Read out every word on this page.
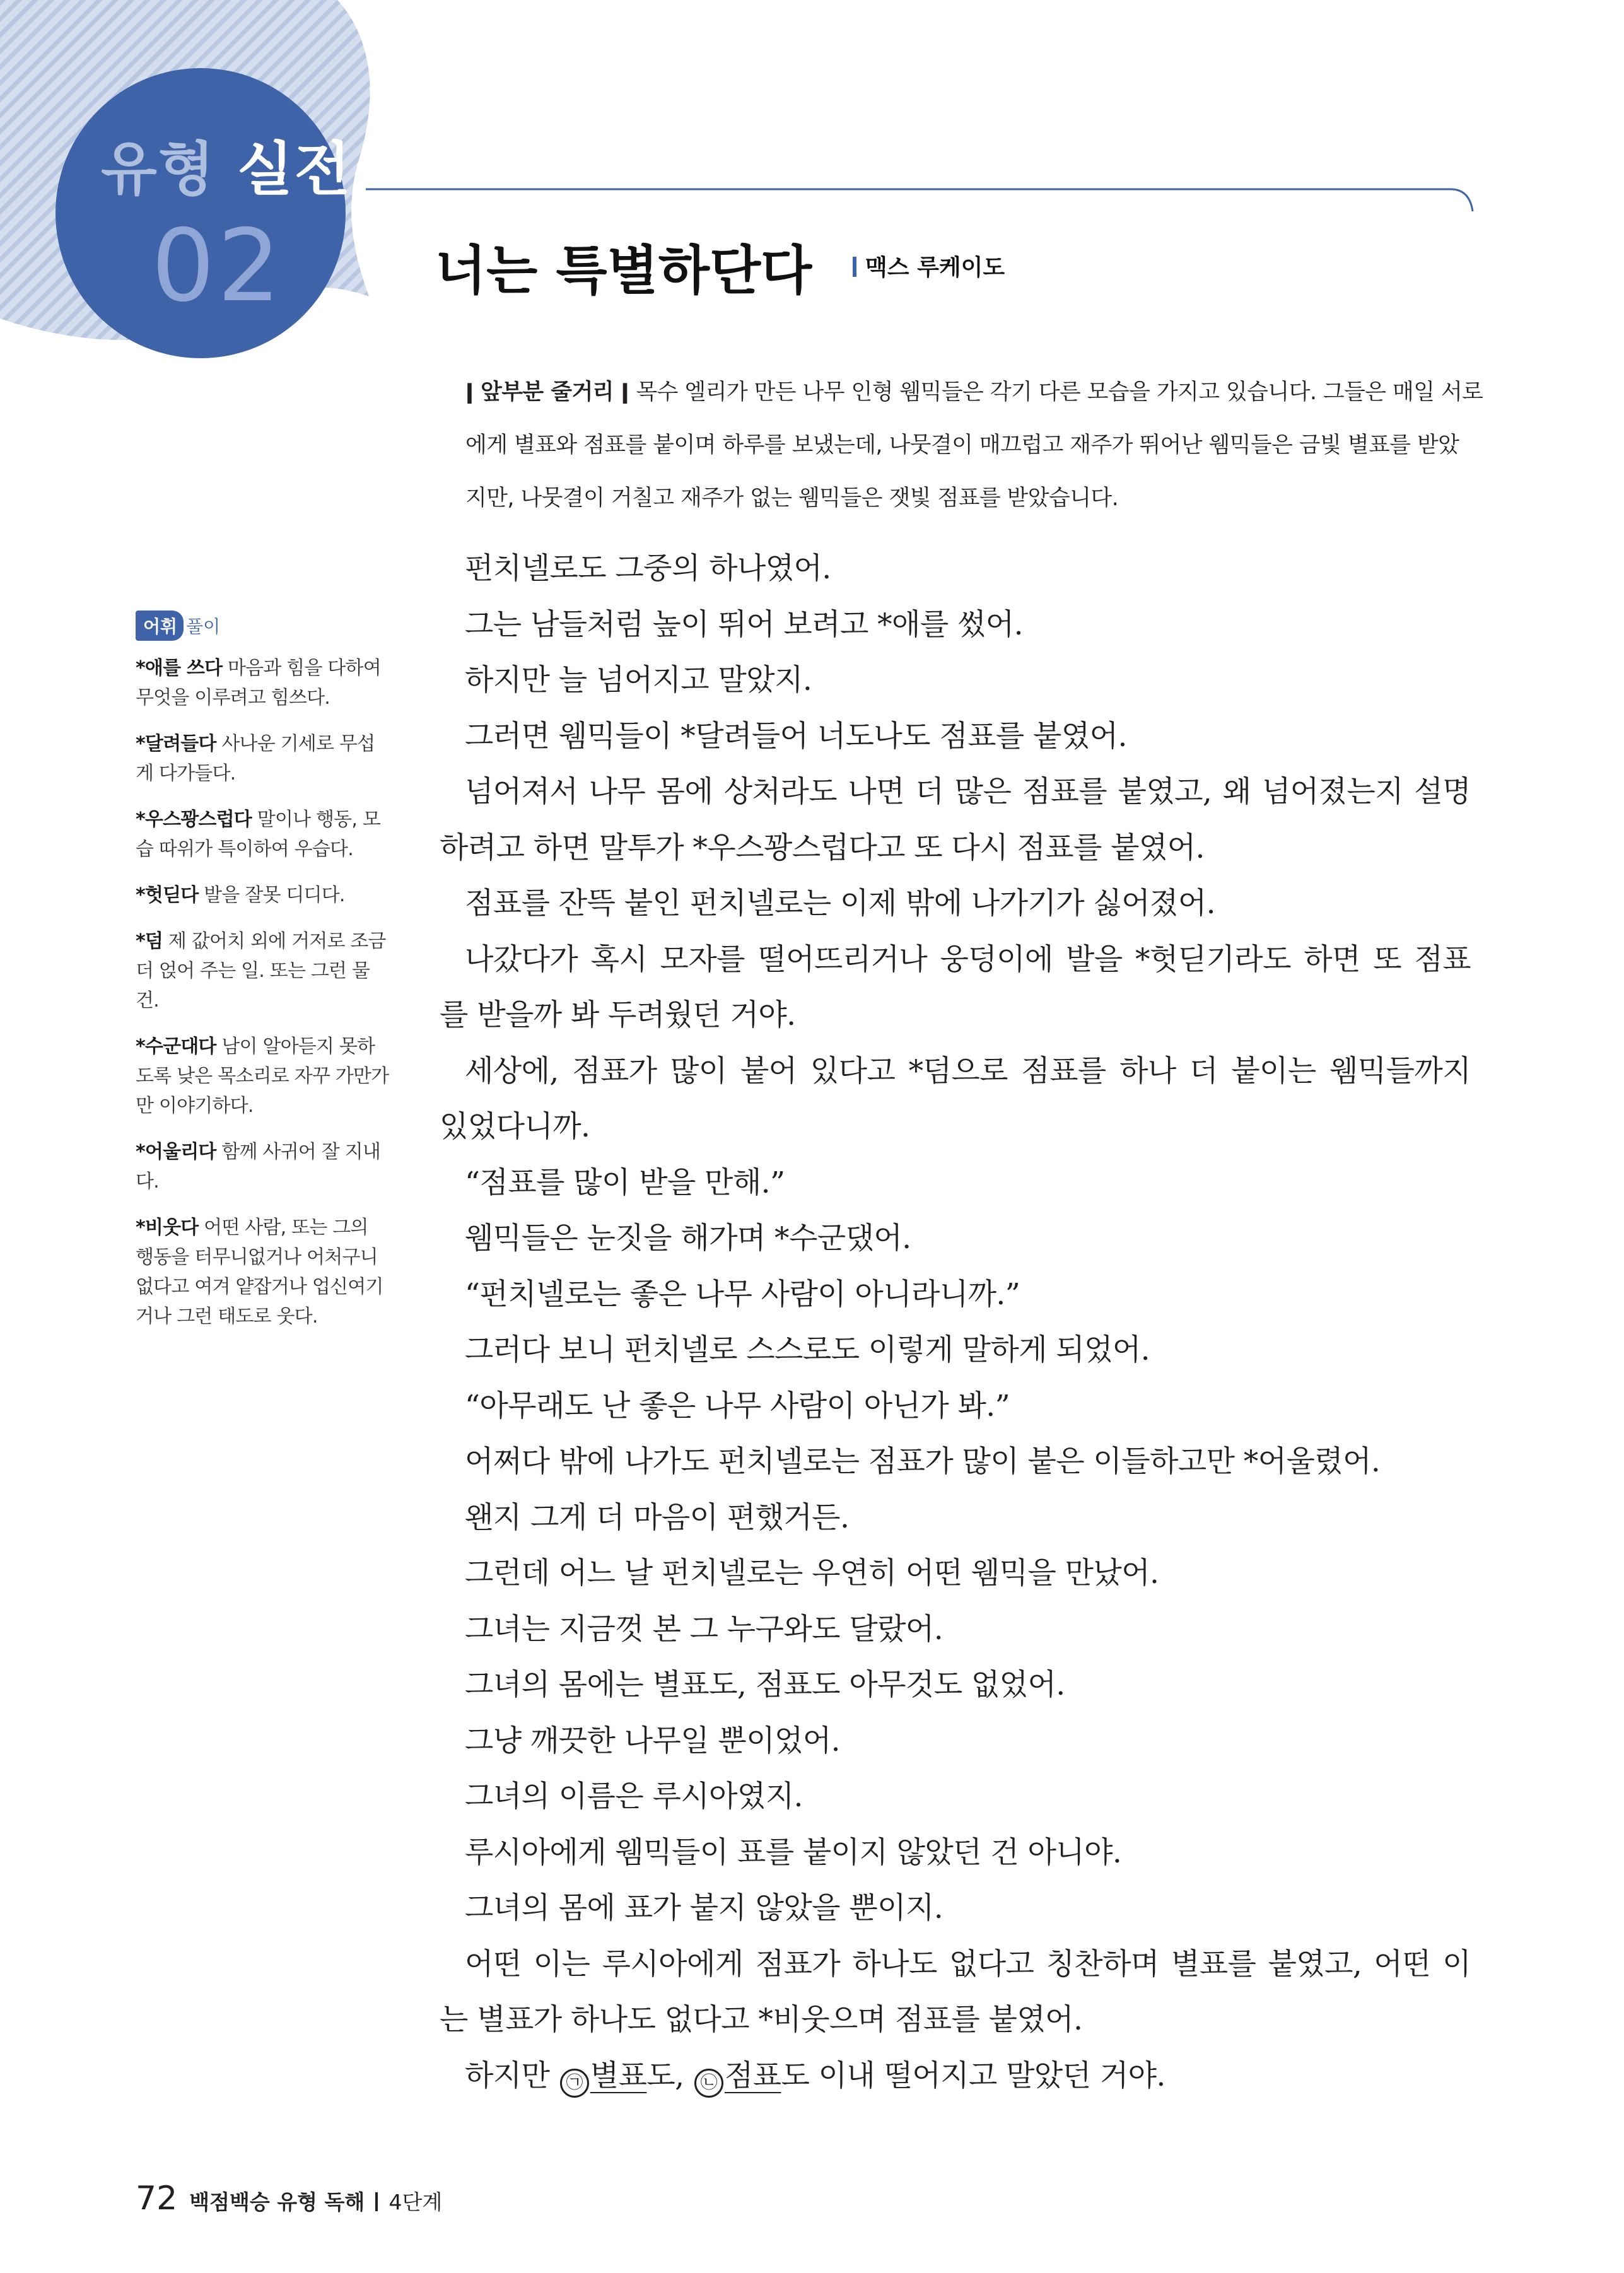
유형 실전
02	너는 특별하단다	맥스 루케이도
ǀ 앞부분 줄거리 ǀ 목수 엘리가 만든 나무 인형 웸믹들은 각기 다른 모습을 가지고 있습니다. 그들은 매일 서로
에게 별표와 점표를 붙이며 하루를 보냈는데, 나뭇결이 매끄럽고 재주가 뛰어난 웸믹들은 금빛 별표를 받았
지만, 나뭇결이 거칠고 재주가 없는 웸믹들은 잿빛 점표를 받았습니다.
어휘 풀이
*애를 쓰다 마음과 힘을 다하여 무엇을 이루려고 힘쓰다.
*달려들다 사나운 기세로 무섭게 다가들다.
*우스꽝스럽다 말이나 행동, 모습 따위가 특이하여 우습다.
*헛딛다 발을 잘못 디디다.
*덤 제 값어치 외에 거저로 조금 더 얹어 주는 일. 또는 그런 물건.
*수군대다 남이 알아듣지 못하도록 낮은 목소리로 자꾸 가만가만 이야기하다.
*어울리다 함께 사귀어 잘 지내다.
*비웃다 어떤 사람, 또는 그의 행동을 터무니없거나 어처구니없다고 여겨 얕잡거나 업신여기거나 그런 태도로 웃다.
펀치넬로도 그중의 하나였어.
그는 남들처럼 높이 뛰어 보려고 *애를 썼어.
하지만 늘 넘어지고 말았지.
그러면 웸믹들이 *달려들어 너도나도 점표를 붙였어.
넘어져서 나무 몸에 상처라도 나면 더 많은 점표를 붙였고, 왜 넘어졌는지 설명
하려고 하면 말투가 *우스꽝스럽다고 또 다시 점표를 붙였어.
점표를 잔뜩 붙인 펀치넬로는 이제 밖에 나가기가 싫어졌어.
나갔다가 혹시 모자를 떨어뜨리거나 웅덩이에 발을 *헛딛기라도 하면 또 점표
를 받을까 봐 두려웠던 거야.
세상에, 점표가 많이 붙어 있다고 *덤으로 점표를 하나 더 붙이는 웸믹들까지
있었다니까.
“점표를 많이 받을 만해.”
웸믹들은 눈짓을 해가며 *수군댔어.
“펀치넬로는 좋은 나무 사람이 아니라니까.”
그러다 보니 펀치넬로 스스로도 이렇게 말하게 되었어.
“아무래도 난 좋은 나무 사람이 아닌가 봐.”
어쩌다 밖에 나가도 펀치넬로는 점표가 많이 붙은 이들하고만 *어울렸어.
왠지 그게 더 마음이 편했거든.
그런데 어느 날 펀치넬로는 우연히 어떤 웸믹을 만났어.
그녀는 지금껏 본 그 누구와도 달랐어.
그녀의 몸에는 별표도, 점표도 아무것도 없었어.
그냥 깨끗한 나무일 뿐이었어.
그녀의 이름은 루시아였지.
루시아에게 웸믹들이 표를 붙이지 않았던 건 아니야.
그녀의 몸에 표가 붙지 않았을 뿐이지.
어떤 이는 루시아에게 점표가 하나도 없다고 칭찬하며 별표를 붙였고, 어떤 이
는 별표가 하나도 없다고 *비웃으며 점표를 붙였어.
하지만 ㉠ 별표도, ㉡ 점표도 이내 떨어지고 말았던 거야.
72 백점백승 유형 독해 4단계
